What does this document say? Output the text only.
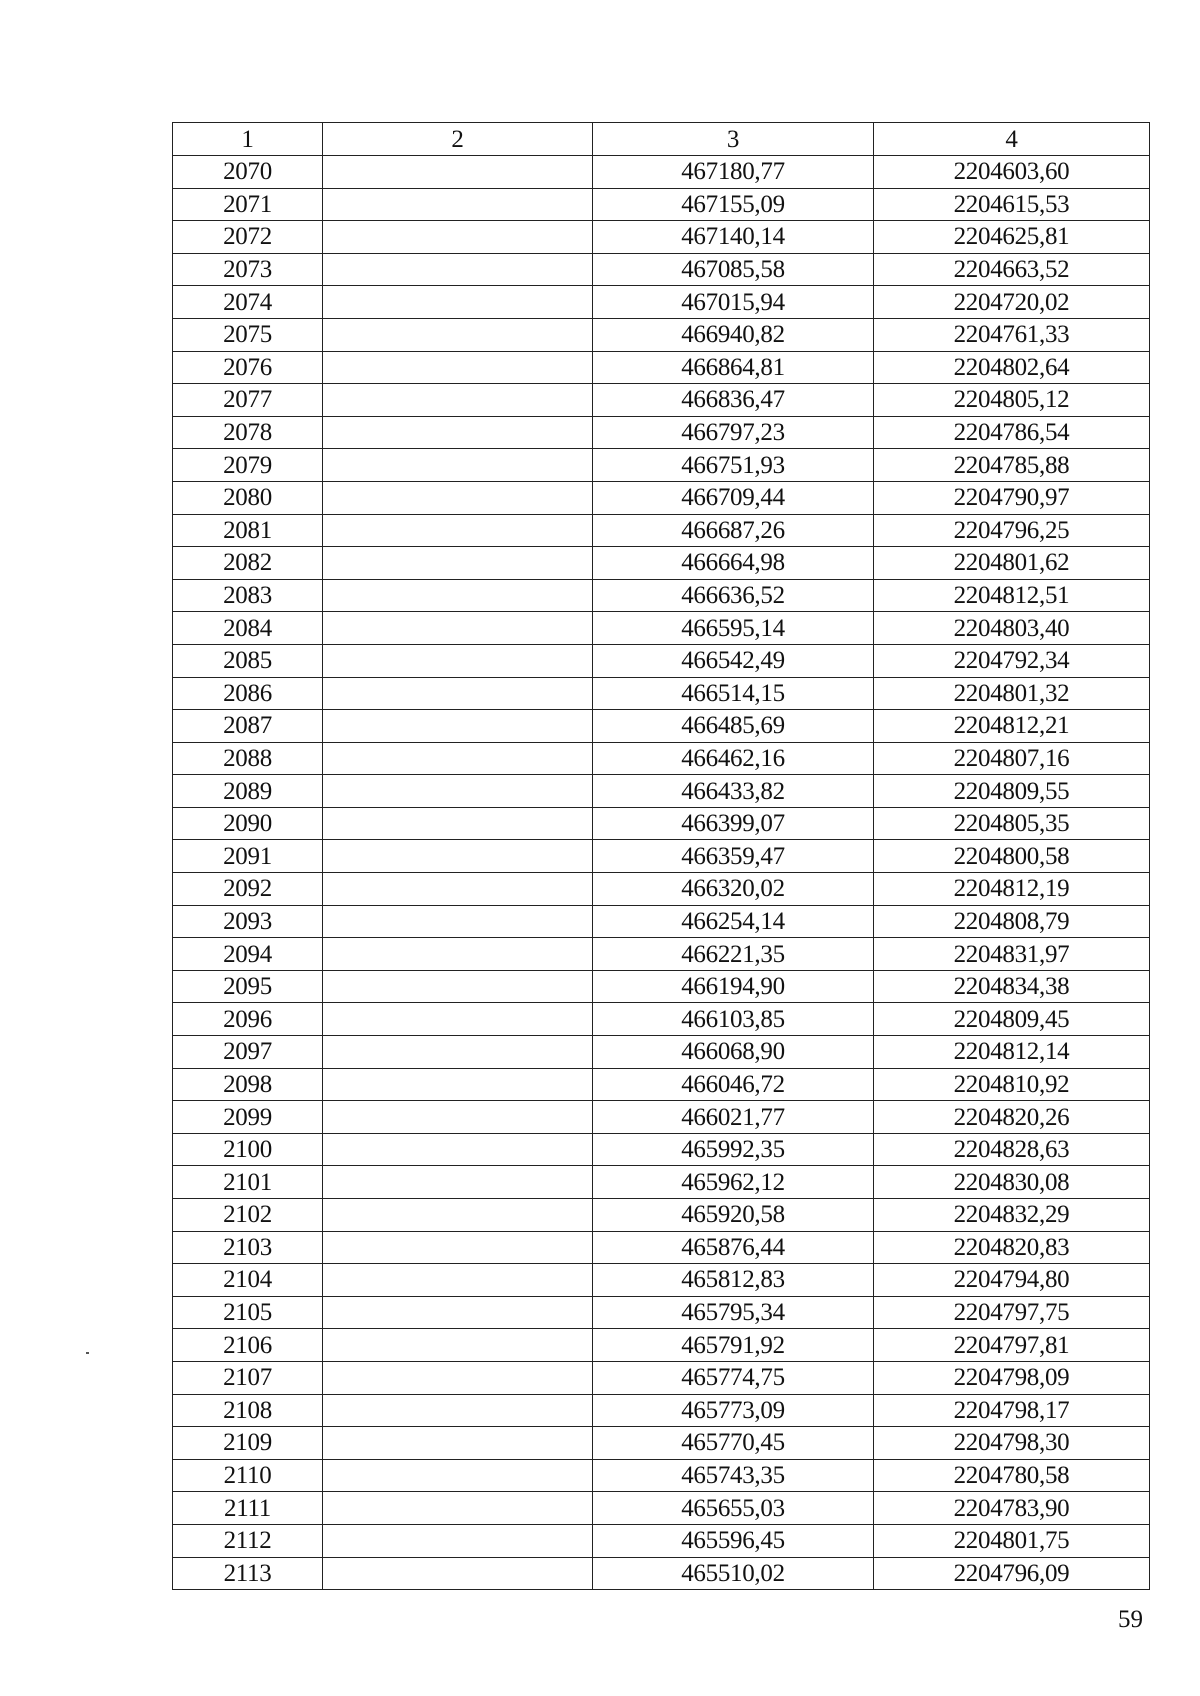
1	2	3	4
2070		467180,77	2204603,60
2071		467155,09	2204615,53
2072		467140,14	2204625,81
2073		467085,58	2204663,52
2074		467015,94	2204720,02
2075		466940,82	2204761,33
2076		466864,81	2204802,64
2077		466836,47	2204805,12
2078		466797,23	2204786,54
2079		466751,93	2204785,88
2080		466709,44	2204790,97
2081		466687,26	2204796,25
2082		466664,98	2204801,62
2083		466636,52	2204812,51
2084		466595,14	2204803,40
2085		466542,49	2204792,34
2086		466514,15	2204801,32
2087		466485,69	2204812,21
2088		466462,16	2204807,16
2089		466433,82	2204809,55
2090		466399,07	2204805,35
2091		466359,47	2204800,58
2092		466320,02	2204812,19
2093		466254,14	2204808,79
2094		466221,35	2204831,97
2095		466194,90	2204834,38
2096		466103,85	2204809,45
2097		466068,90	2204812,14
2098		466046,72	2204810,92
2099		466021,77	2204820,26
2100		465992,35	2204828,63
2101		465962,12	2204830,08
2102		465920,58	2204832,29
2103		465876,44	2204820,83
2104		465812,83	2204794,80
2105		465795,34	2204797,75
2106		465791,92	2204797,81
2107		465774,75	2204798,09
2108		465773,09	2204798,17
2109		465770,45	2204798,30
2110		465743,35	2204780,58
2111		465655,03	2204783,90
2112		465596,45	2204801,75
2113		465510,02	2204796,09
59
